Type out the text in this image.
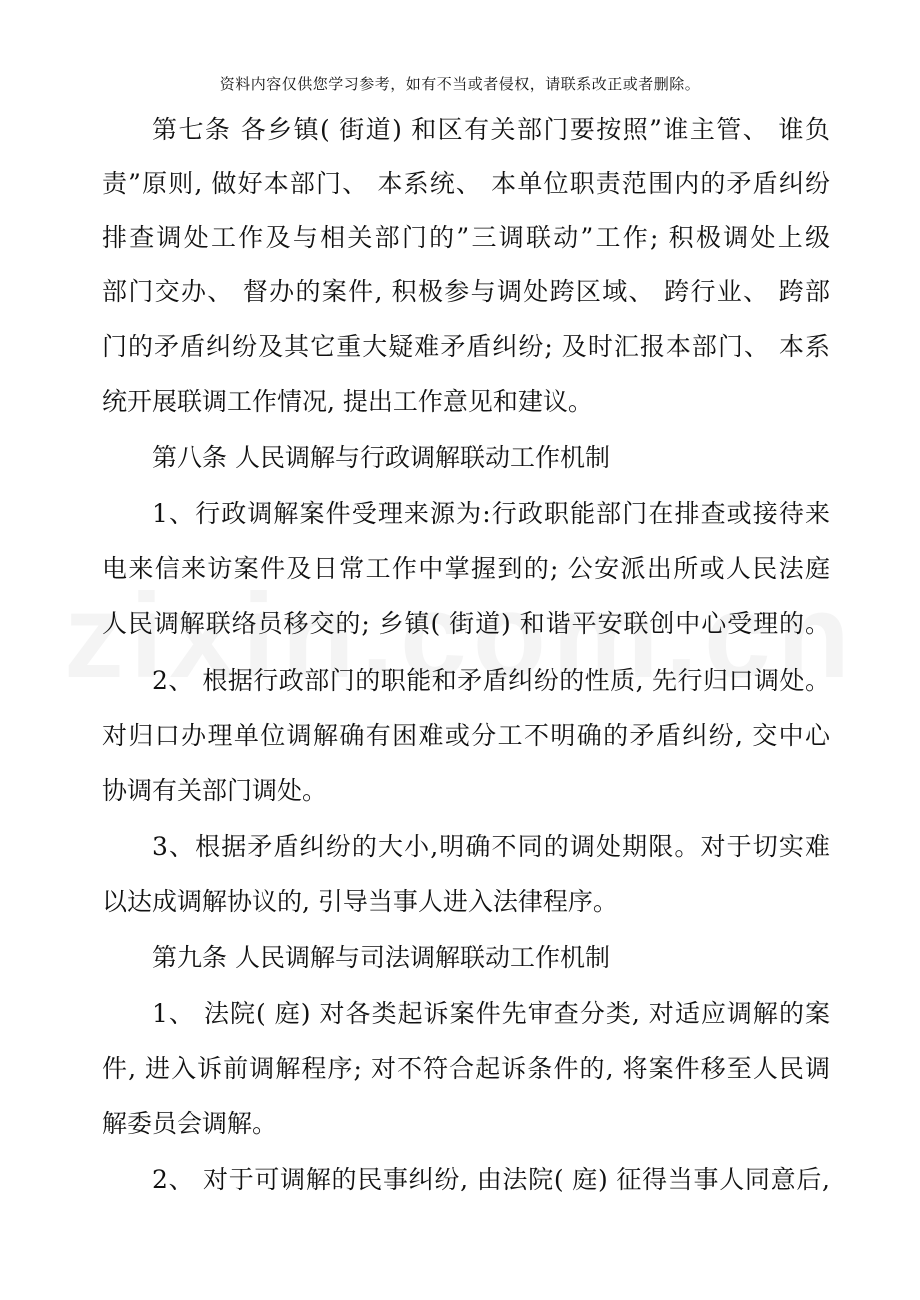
资料内容仅供您学习参考，如有不当或者侵权，请联系改正或者删除。
第七条 各乡镇( 街道) 和区有关部门要按照”谁主管、 谁负
责”原则, 做好本部门、 本系统、 本单位职责范围内的矛盾纠纷
排查调处工作及与相关部门的”三调联动”工作; 积极调处上级
部门交办、 督办的案件, 积极参与调处跨区域、 跨行业、 跨部
门的矛盾纠纷及其它重大疑难矛盾纠纷; 及时汇报本部门、 本系
统开展联调工作情况, 提出工作意见和建议。
第八条 人民调解与行政调解联动工作机制
1、行政调解案件受理来源为:行政职能部门在排查或接待来
电来信来访案件及日常工作中掌握到的; 公安派出所或人民法庭
人民调解联络员移交的; 乡镇( 街道) 和谐平安联创中心受理的。
2、 根据行政部门的职能和矛盾纠纷的性质, 先行归口调处。
对归口办理单位调解确有困难或分工不明确的矛盾纠纷, 交中心
协调有关部门调处。
3、根据矛盾纠纷的大小,明确不同的调处期限。对于切实难
以达成调解协议的, 引导当事人进入法律程序。
第九条 人民调解与司法调解联动工作机制
1、 法院( 庭) 对各类起诉案件先审查分类, 对适应调解的案
件, 进入诉前调解程序; 对不符合起诉条件的, 将案件移至人民调
解委员会调解。
2、 对于可调解的民事纠纷, 由法院( 庭) 征得当事人同意后,
